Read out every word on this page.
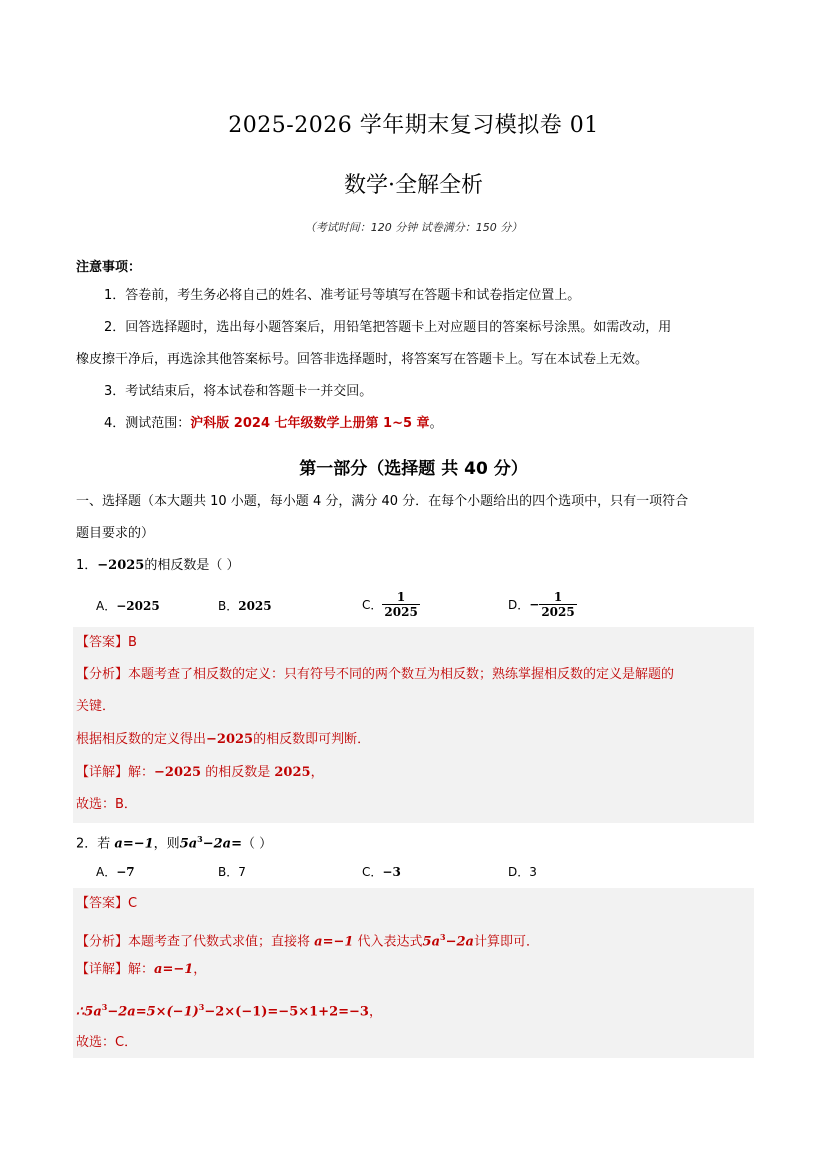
2025-2026 学年期末复习模拟卷 01
数学·全解全析
（考试时间：120 分钟 试卷满分：150 分）
注意事项：
1．答卷前，考生务必将自己的姓名、准考证号等填写在答题卡和试卷指定位置上。
2．回答选择题时，选出每小题答案后，用铅笔把答题卡上对应题目的答案标号涂黑。如需改动，用
橡皮擦干净后，再选涂其他答案标号。回答非选择题时，将答案写在答题卡上。写在本试卷上无效。
3．考试结束后，将本试卷和答题卡一并交回。
4．测试范围：沪科版 2024 七年级数学上册第 1~5 章。
第一部分（选择题 共 40 分）
一、选择题（本大题共 10 小题，每小题 4 分，满分 40 分．在每个小题给出的四个选项中，只有一项符合
题目要求的）
1．−2025的相反数是（ ）
A．−2025	B．2025	C． $\frac{1}{2025}$	D．− $\frac{1}{2025}$
【答案】B
【分析】本题考查了相反数的定义：只有符号不同的两个数互为相反数；熟练掌握相反数的定义是解题的
关键．
根据相反数的定义得出−2025的相反数即可判断．
【详解】解：−2025 的相反数是 2025，
故选：B．
2．若 a=−1，则$5a^3-2a=$（ ）
A．−7	B．7	C．−3	D．3
【答案】C
【分析】本题考查了代数式求值；直接将 a=−1 代入表达式$5a^3-2a$计算即可．
【详解】解：a=−1，
$\therefore 5a^3-2a=5\times(-1)^3-2\times(-1)=-5\times 1+2=-3$，
故选：C．
